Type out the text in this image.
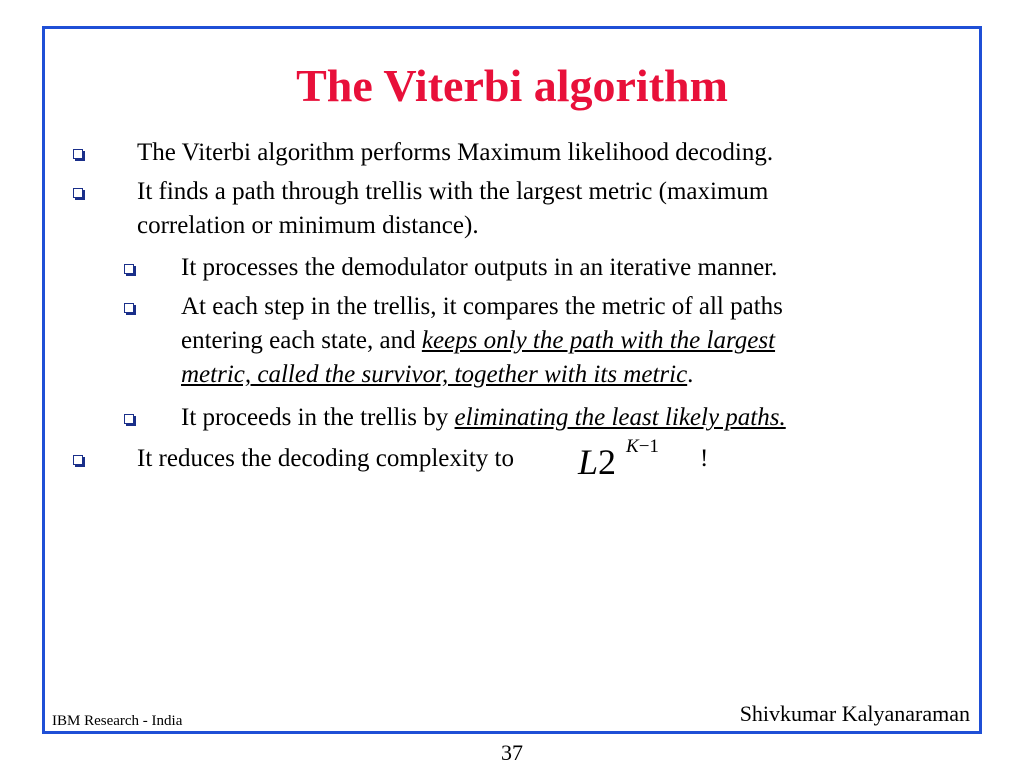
The Viterbi algorithm
The Viterbi algorithm performs Maximum likelihood decoding.
It finds a path through trellis with the largest metric (maximum
correlation or minimum distance).
It processes the demodulator outputs in an iterative manner.
At each step in the trellis, it compares the metric of all paths
entering each state, and keeps only the path with the largest
metric, called the survivor, together with its metric.
It proceeds in the trellis by eliminating the least likely paths.
It reduces the decoding complexity to L2 K−1 !
IBM Research - India	Shivkumar Kalyanaraman
37
